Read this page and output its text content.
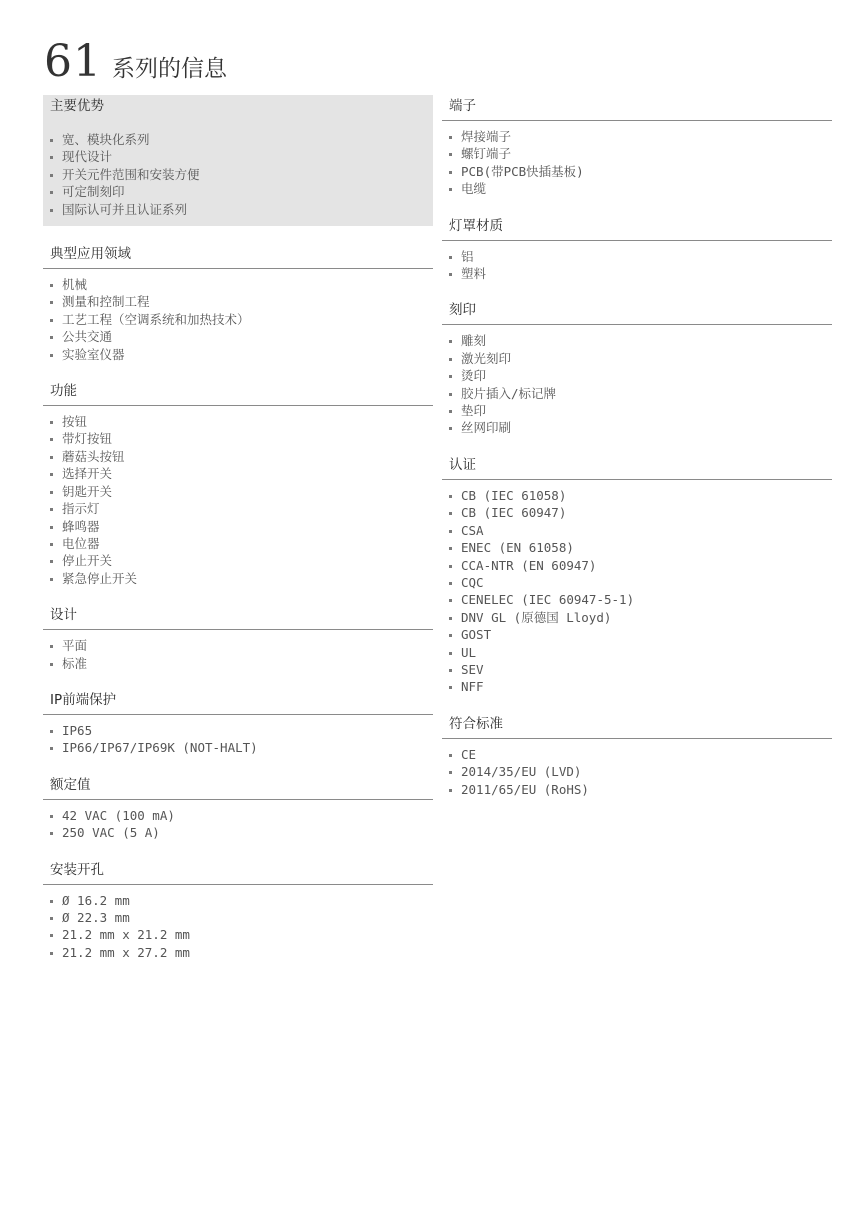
61 系列的信息
主要优势
宽、模块化系列
现代设计
开关元件范围和安装方便
可定制刻印
国际认可并且认证系列
典型应用领域
机械
测量和控制工程
工艺工程（空调系统和加热技术）
公共交通
实验室仪器
功能
按钮
带灯按钮
蘑菇头按钮
选择开关
钥匙开关
指示灯
蜂鸣器
电位器
停止开关
紧急停止开关
设计
平面
标准
IP前端保护
IP65
IP66/IP67/IP69K (NOT-HALT)
额定值
42 VAC (100 mA)
250 VAC (5 A)
安装开孔
Ø 16.2 mm
Ø 22.3 mm
21.2 mm x 21.2 mm
21.2 mm x 27.2 mm
端子
焊接端子
螺钉端子
PCB(带PCB快插基板)
电缆
灯罩材质
铝
塑料
刻印
雕刻
激光刻印
烫印
胶片插入/标记牌
垫印
丝网印刷
认证
CB (IEC 61058)
CB (IEC 60947)
CSA
ENEC (EN 61058)
CCA-NTR (EN 60947)
CQC
CENELEC (IEC 60947-5-1)
DNV GL (原德国 Lloyd)
GOST
UL
SEV
NFF
符合标准
CE
2014/35/EU (LVD)
2011/65/EU (RoHS)
